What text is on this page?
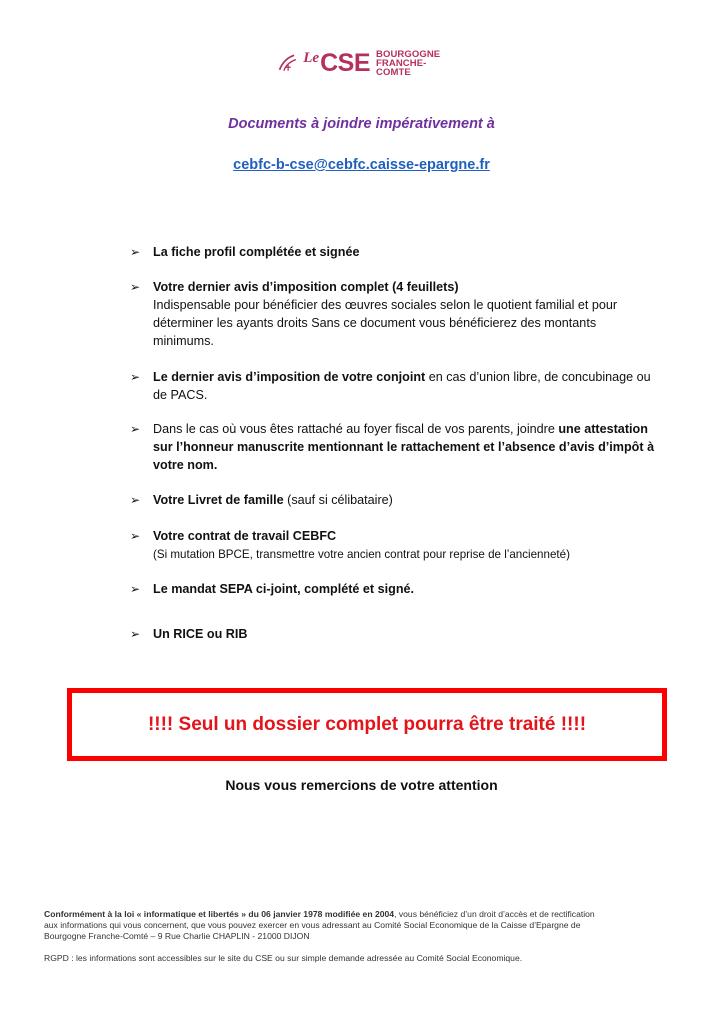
Le CSE BOURGOGNE
FRANCHE-COMTE
Documents à joindre impérativement à
cebfc-b-cse@cebfc.caisse-epargne.fr
➢ La fiche profil complétée et signée
➢ Votre dernier avis d’imposition complet (4 feuillets)
Indispensable pour bénéficier des œuvres sociales selon le quotient familial et pour
déterminer les ayants droits Sans ce document vous bénéficierez des montants
minimums.
➢ Le dernier avis d’imposition de votre conjoint en cas d’union libre, de concubinage ou
de PACS.
➢ Dans le cas où vous êtes rattaché au foyer fiscal de vos parents, joindre une attestation
sur l’honneur manuscrite mentionnant le rattachement et l’absence d’avis d’impôt à
votre nom.
➢ Votre Livret de famille (sauf si célibataire)
➢ Votre contrat de travail CEBFC
(Si mutation BPCE, transmettre votre ancien contrat pour reprise de l’ancienneté)
➢ Le mandat SEPA ci-joint, complété et signé.
➢ Un RICE ou RIB
!!!! Seul un dossier complet pourra être traité !!!!
Nous vous remercions de votre attention

Conformément à la loi « informatique et libertés » du 06 janvier 1978 modifiée en 2004, vous bénéficiez d’un droit d’accès et de rectification
aux informations qui vous concernent, que vous pouvez exercer en vous adressant au Comité Social Economique de la Caisse d’Epargne de
Bourgogne Franche-Comté – 9 Rue Charlie CHAPLIN - 21000 DIJON

RGPD : les informations sont accessibles sur le site du CSE ou sur simple demande adressée au Comité Social Economique.
